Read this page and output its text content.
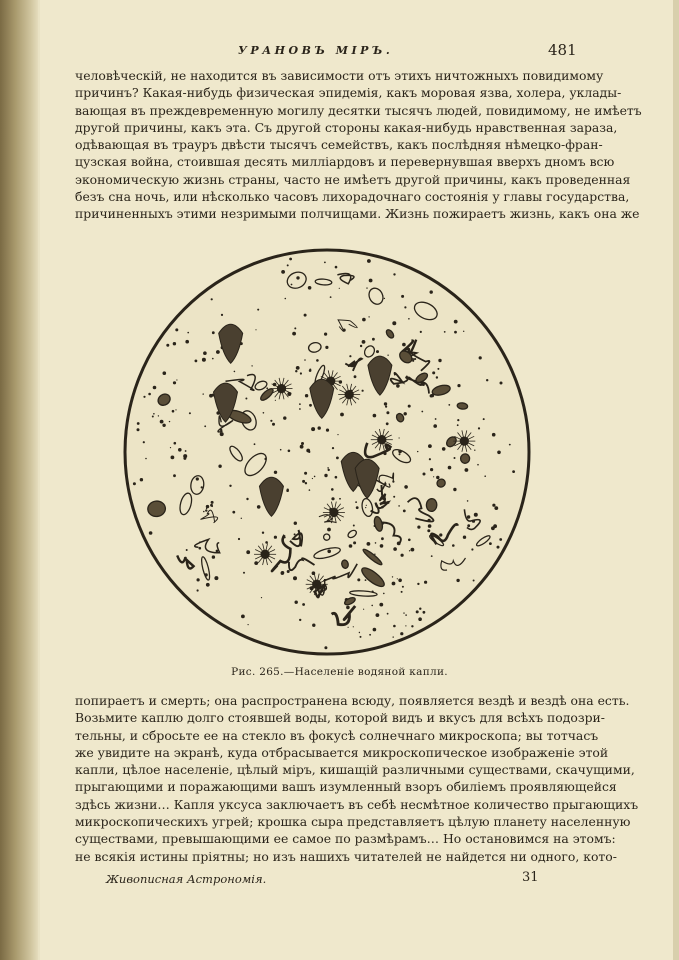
УРАНОВЪ МІРЪ.	481
человѣческій, не находится въ зависимости отъ этихъ ничтожныхъ повидимому
причинъ? Какая-нибудь физическая эпидемія, какъ моровая язва, холера, уклады-
вающая въ преждевременную могилу десятки тысячъ людей, повидимому, не имѣетъ
другой причины, какъ эта. Съ другой стороны какая-нибудь нравственная зараза,
одѣвающая въ трауръ двѣсти тысячъ семействъ, какъ послѣдняя нѣмецко-фран-
цузская война, стоившая десять милліардовъ и перевернувшая вверхъ дномъ всю
экономическую жизнь страны, часто не имѣетъ другой причины, какъ проведенная
безъ сна ночь, или нѣсколько часовъ лихорадочнаго состоянія у главы государства,
причиненныхъ этими незримыми полчищами. Жизнь пожираетъ жизнь, какъ она же
Рис. 265.—Населеніе водяной капли.
попираетъ и смерть; она распространена всюду, появляется вездѣ и вездѣ она есть.
Возьмите каплю долго стоявшей воды, которой видъ и вкусъ для всѣхъ подозри-
тельны, и сбросьте ее на стекло въ фокусѣ солнечнаго микроскопа; вы тотчасъ
же увидите на экранѣ, куда отбрасывается микроскопическое изображеніе этой
капли, цѣлое населеніе, цѣлый міръ, кишащій различными существами, скачущими,
прыгающими и поражающими вашъ изумленный взоръ обиліемъ проявляющейся
здѣсь жизни… Капля уксуса заключаетъ въ себѣ несмѣтное количество прыгающихъ
микроскопическихъ угрей; крошка сыра представляетъ цѣлую планету населенную
существами, превышающими ее самое по размѣрамъ… Но остановимся на этомъ:
не всякія истины пріятны; но изъ нашихъ читателей не найдется ни одного, кото-
Живописная Астрономія.	31
